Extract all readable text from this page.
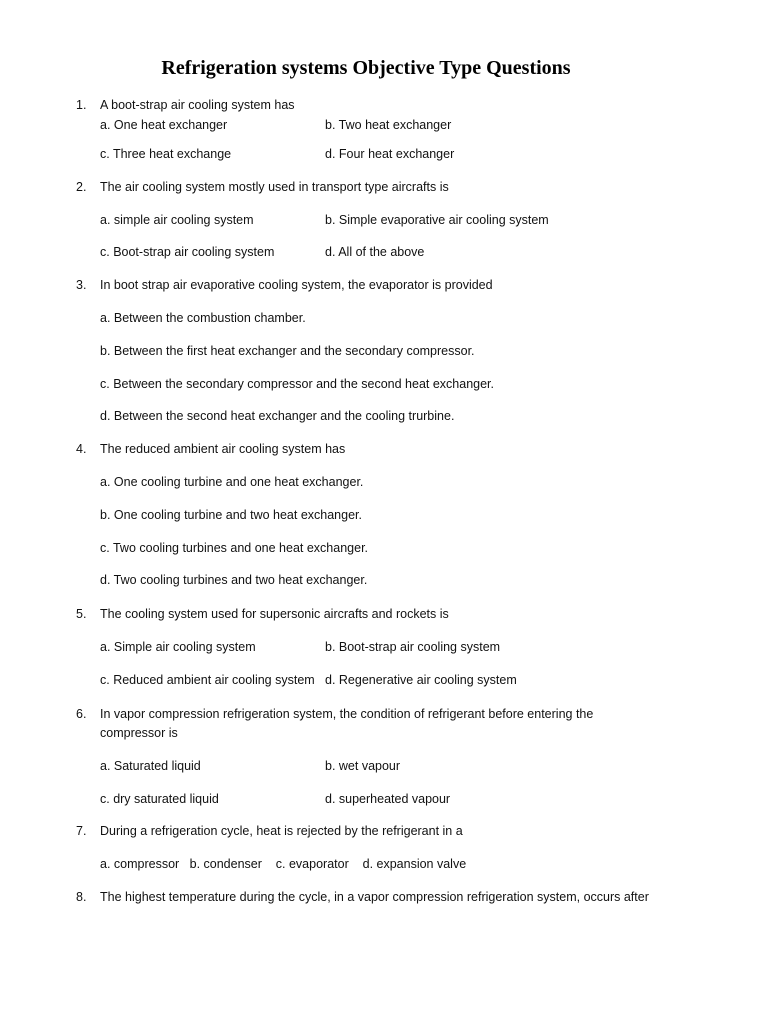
Refrigeration systems Objective Type Questions
1. A boot-strap air cooling system has
a. One heat exchanger	b. Two heat exchanger
c. Three heat exchange	d. Four heat exchanger
2. The air cooling system mostly used in transport type aircrafts is
a. simple air cooling system	b. Simple evaporative air cooling system
c. Boot-strap air cooling system	d. All of the above
3. In boot strap air evaporative cooling system, the evaporator is provided
a. Between the combustion chamber.
b. Between the first heat exchanger and the secondary compressor.
c. Between the secondary compressor and the second heat exchanger.
d. Between the second heat exchanger and the cooling trurbine.
4. The reduced ambient air cooling system has
a. One cooling turbine and one heat exchanger.
b. One cooling turbine and two heat exchanger.
c. Two cooling turbines and one heat exchanger.
d. Two cooling turbines and two heat exchanger.
5. The cooling system used for supersonic aircrafts and rockets is
a. Simple air cooling system	b. Boot-strap air cooling system
c. Reduced ambient air cooling system d. Regenerative air cooling system
6. In vapor compression refrigeration system, the condition of refrigerant before entering the
compressor is
a. Saturated liquid	b. wet vapour
c. dry saturated liquid	d. superheated vapour
7. During a refrigeration cycle, heat is rejected by the refrigerant in a
a. compressor   b. condenser    c. evaporator    d. expansion valve
8. The highest temperature during the cycle, in a vapor compression refrigeration system, occurs after
